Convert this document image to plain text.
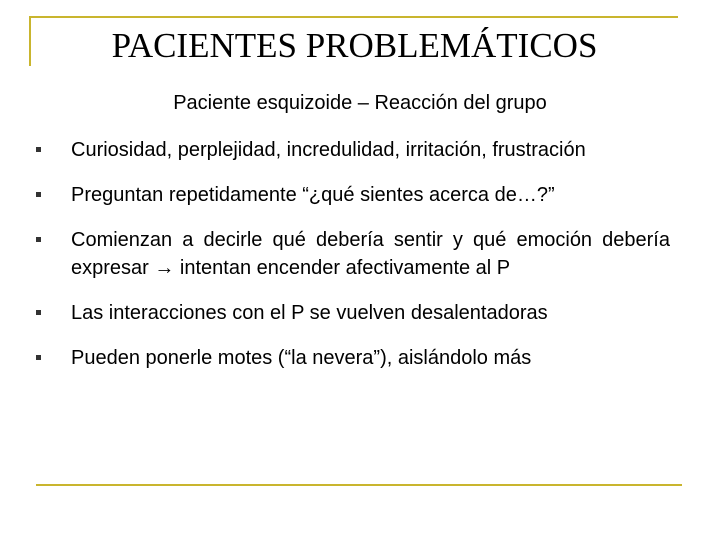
PACIENTES PROBLEMÁTICOS
Paciente esquizoide – Reacción del grupo
Curiosidad, perplejidad, incredulidad, irritación, frustración
Preguntan repetidamente “¿qué sientes acerca de…?”
Comienzan a decirle qué debería sentir y qué emoción debería expresar → intentan encender afectivamente al P
Las interacciones con el P se vuelven desalentadoras
Pueden ponerle motes (“la nevera”), aislándolo más
